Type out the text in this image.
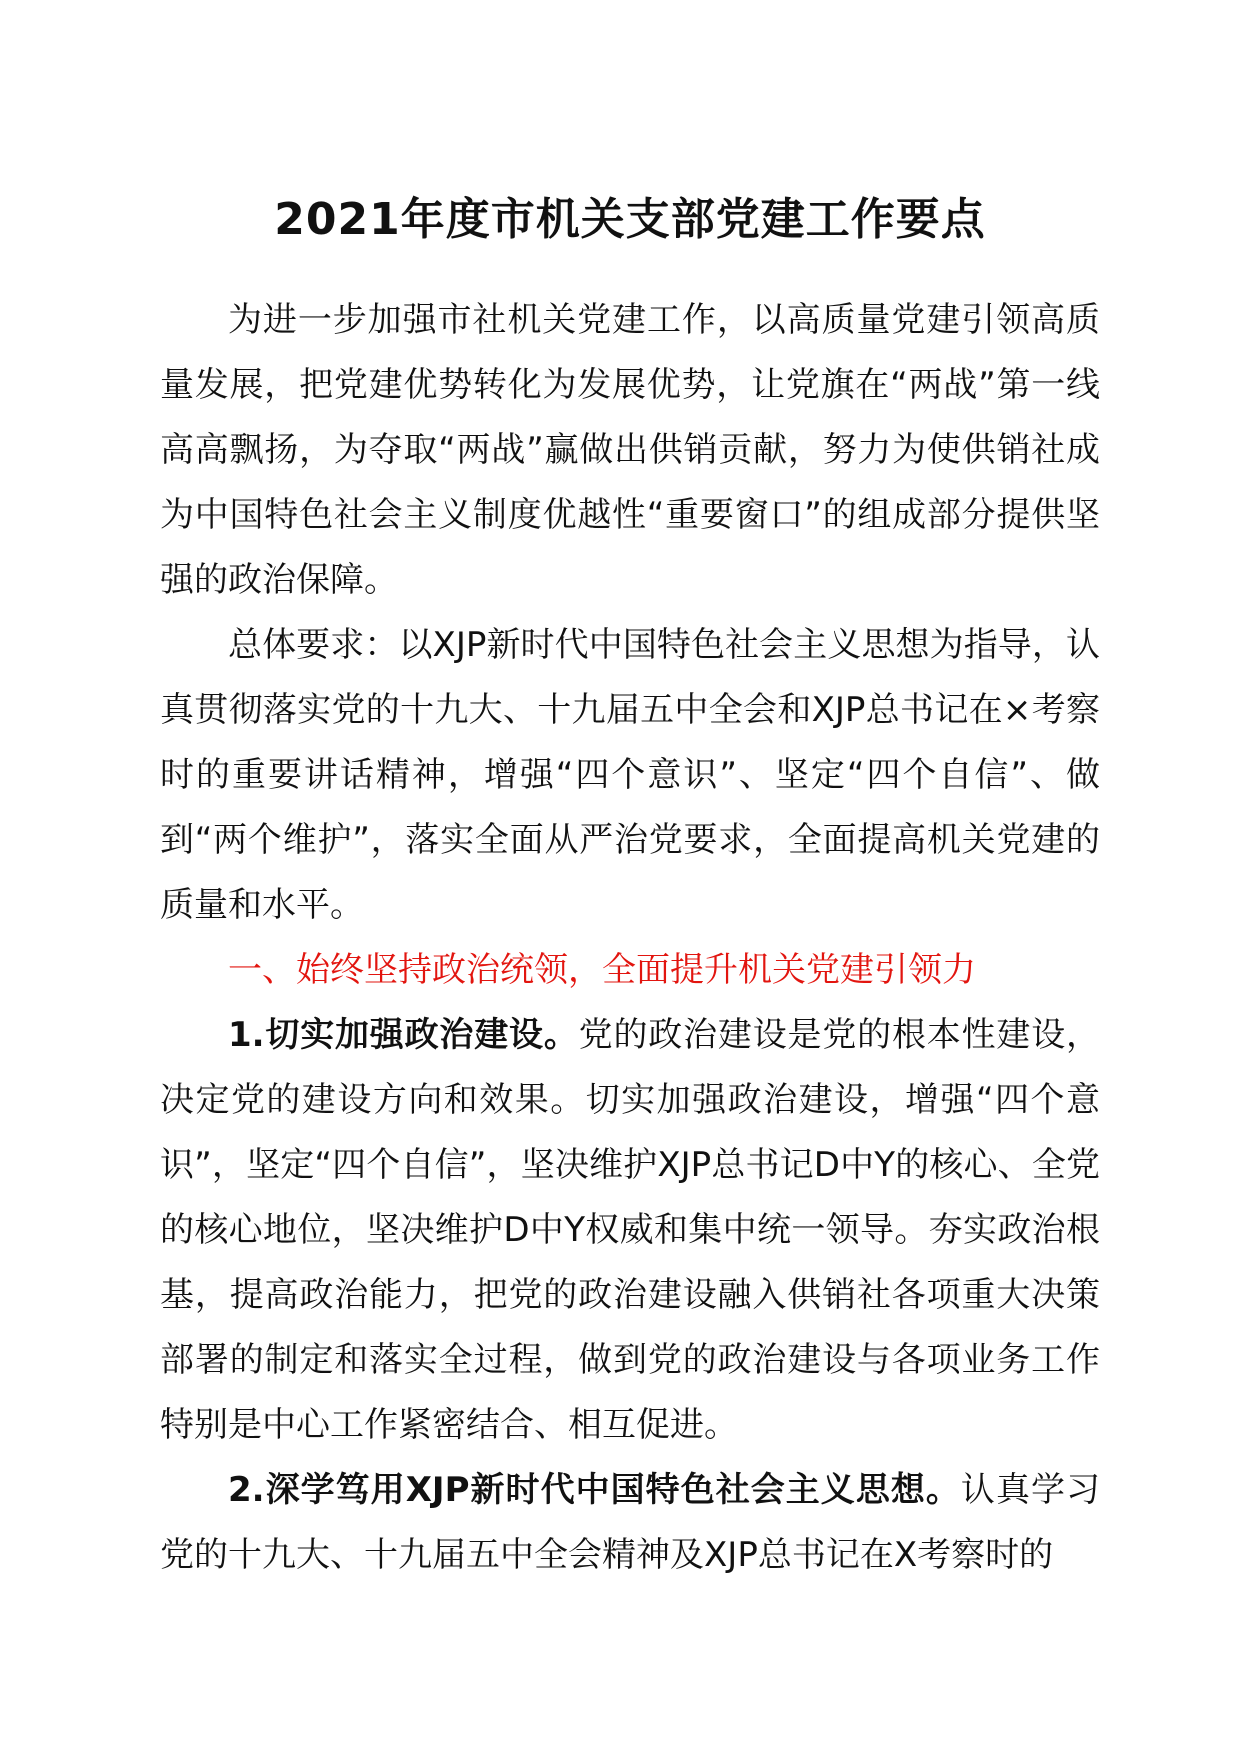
2021年度市机关支部党建工作要点

为进一步加强市社机关党建工作，以高质量党建引领高质量发展，把党建优势转化为发展优势，让党旗在“两战”第一线高高飘扬，为夺取“两战”赢做出供销贡献，努力为使供销社成为中国特色社会主义制度优越性“重要窗口”的组成部分提供坚强的政治保障。

总体要求：以XJP新时代中国特色社会主义思想为指导，认真贯彻落实党的十九大、十九届五中全会和XJP总书记在×考察时的重要讲话精神，增强“四个意识”、坚定“四个自信”、做到“两个维护”，落实全面从严治党要求，全面提高机关党建的质量和水平。

一、始终坚持政治统领，全面提升机关党建引领力

1.切实加强政治建设。党的政治建设是党的根本性建设，决定党的建设方向和效果。切实加强政治建设，增强“四个意识”，坚定“四个自信”，坚决维护XJP总书记D中Y的核心、全党的核心地位，坚决维护D中Y权威和集中统一领导。夯实政治根基，提高政治能力，把党的政治建设融入供销社各项重大决策部署的制定和落实全过程，做到党的政治建设与各项业务工作特别是中心工作紧密结合、相互促进。

2.深学笃用XJP新时代中国特色社会主义思想。认真学习党的十九大、十九届五中全会精神及XJP总书记在X考察时的
